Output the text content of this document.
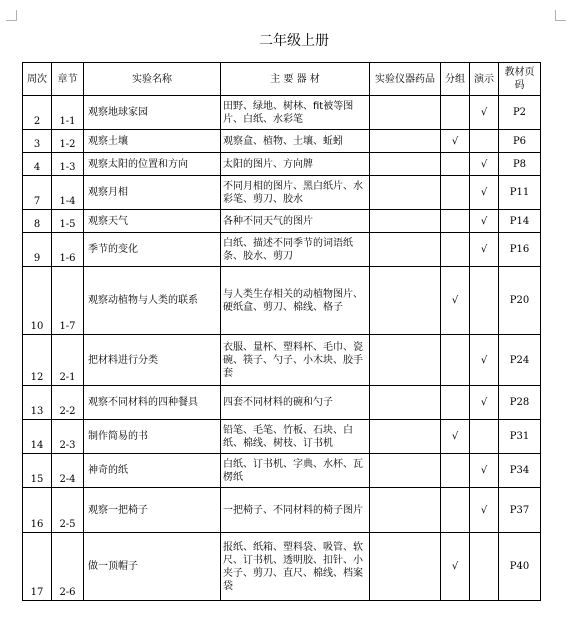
二年级上册
周次	章节	实验名称	主 要 器 材	实验仪器药品	分组	演示	教材页码
2	1-1	观察地球家园	田野、绿地、树林、fit被等图片、白纸、水彩笔			√	P2
3	1-2	观察土壤	观察盒、植物、土壤、蚯蚓		√		P6
4	1-3	观察太阳的位置和方向	太阳的图片、方向牌			√	P8
7	1-4	观察月相	不同月相的图片、黑白纸片、水彩笔、剪刀、胶水			√	P11
8	1-5	观察天气	各种不同天气的图片			√	P14
9	1-6	季节的变化	白纸、描述不同季节的词语纸条、胶水、剪刀			√	P16
10	1-7	观察动植物与人类的联系	与人类生存相关的动植物图片、硬纸盒、剪刀、棉线、格子		√		P20
12	2-1	把材料进行分类	衣服、量杯、塑料杯、毛巾、瓷碗、筷子、勺子、小木块、胶手套			√	P24
13	2-2	观察不同材料的四种餐具	四套不同材料的碗和勺子			√	P28
14	2-3	制作简易的书	铅笔、毛笔、竹板、石块、白纸、棉线、树枝、订书机		√		P31
15	2-4	神奇的纸	白纸、订书机、字典、水杯、瓦楞纸			√	P34
16	2-5	观察一把椅子	一把椅子、不同材料的椅子图片			√	P37
17	2-6	做一顶帽子	报纸、纸箱、塑料袋、吸管、软尺、订书机、透明胶、扣针、小夹子、剪刀、直尺、棉线、档案袋		√		P40
